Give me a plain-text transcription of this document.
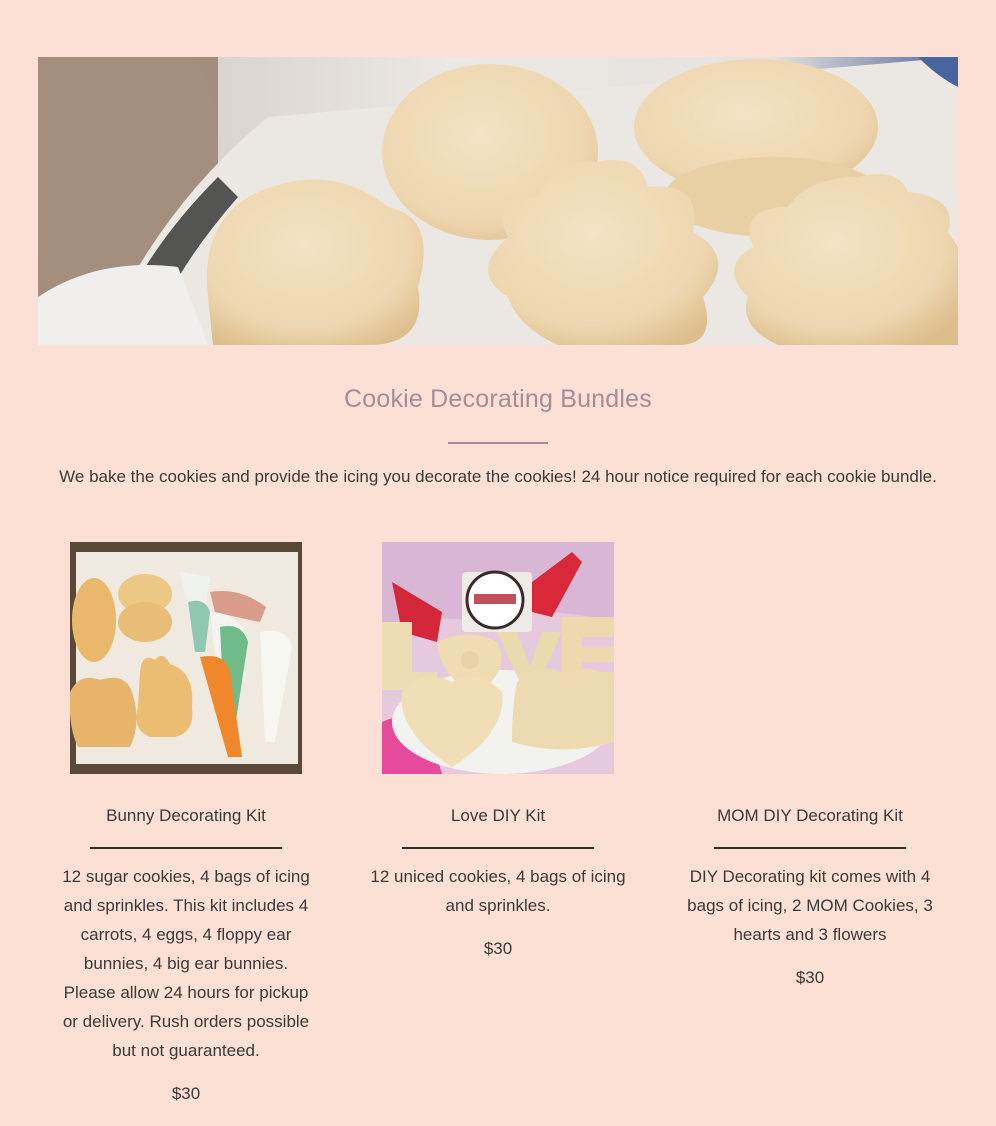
Cookie Decorating Bundles
We bake the cookies and provide the icing you decorate the cookies! 24 hour notice required for each cookie bundle.
Bunny Decorating Kit
12 sugar cookies, 4 bags of icing and sprinkles. This kit includes 4 carrots, 4 eggs, 4 floppy ear bunnies, 4 big ear bunnies. Please allow 24 hours for pickup or delivery. Rush orders possible but not guaranteed.
$30
Love DIY Kit
12 uniced cookies, 4 bags of icing and sprinkles.
$30
MOM DIY Decorating Kit
DIY Decorating kit comes with 4 bags of icing, 2 MOM Cookies, 3 hearts and 3 flowers
$30
